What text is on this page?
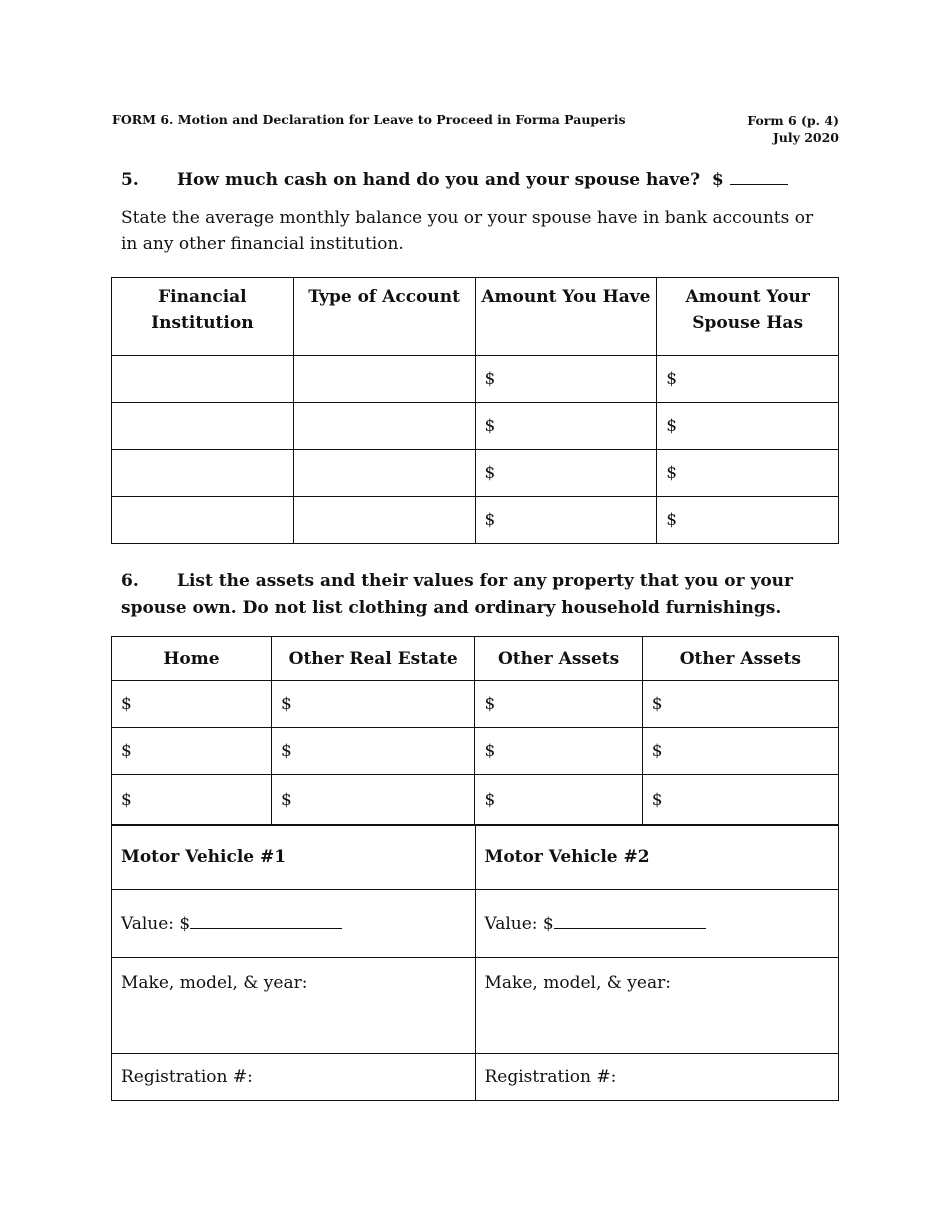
FORM 6. Motion and Declaration for Leave to Proceed in Forma Pauperis	Form 6 (p. 4)
July 2020
5. How much cash on hand do you and your spouse have? $
State the average monthly balance you or your spouse have in bank accounts or in any other financial institution.
Financial Institution	Type of Account	Amount You Have	Amount Your Spouse Has
		$	$
		$	$
		$	$
		$	$
6. List the assets and their values for any property that you or your spouse own. Do not list clothing and ordinary household furnishings.
Home	Other Real Estate	Other Assets	Other Assets
$	$	$	$
$	$	$	$
$	$	$	$
Motor Vehicle #1	Motor Vehicle #2
Value: $	Value: $
Make, model, & year:	Make, model, & year:
Registration #:	Registration #:
